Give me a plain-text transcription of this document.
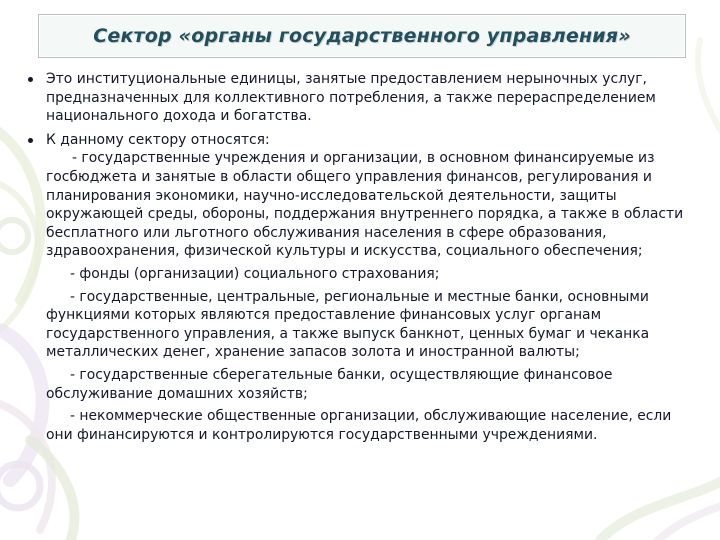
Сектор «органы государственного управления»
Это институциональные единицы, занятые предоставлением нерыночных услуг, предназначенных для коллективного потребления, а также перераспределением национального дохода и богатства.
К данному сектору относятся:
- государственные учреждения и организации, в основном финансируемые из госбюджета и занятые в области общего управления финансов, регулирования и планирования экономики, научно-исследовательской деятельности, защиты окружающей среды, обороны, поддержания внутреннего порядка, а также в области бесплатного или льготного обслуживания населения в сфере образования, здравоохранения, физической культуры и искусства, социального обеспечения;
- фонды (организации) социального страхования;
- государственные, центральные, региональные и местные банки, основными функциями которых являются предоставление финансовых услуг органам государственного управления, а также выпуск банкнот, ценных бумаг и чеканка металлических денег, хранение запасов золота и иностранной валюты;
- государственные сберегательные банки, осуществляющие финансовое обслуживание домашних хозяйств;
- некоммерческие общественные организации, обслуживающие население, если они финансируются и контролируются государственными учреждениями.
